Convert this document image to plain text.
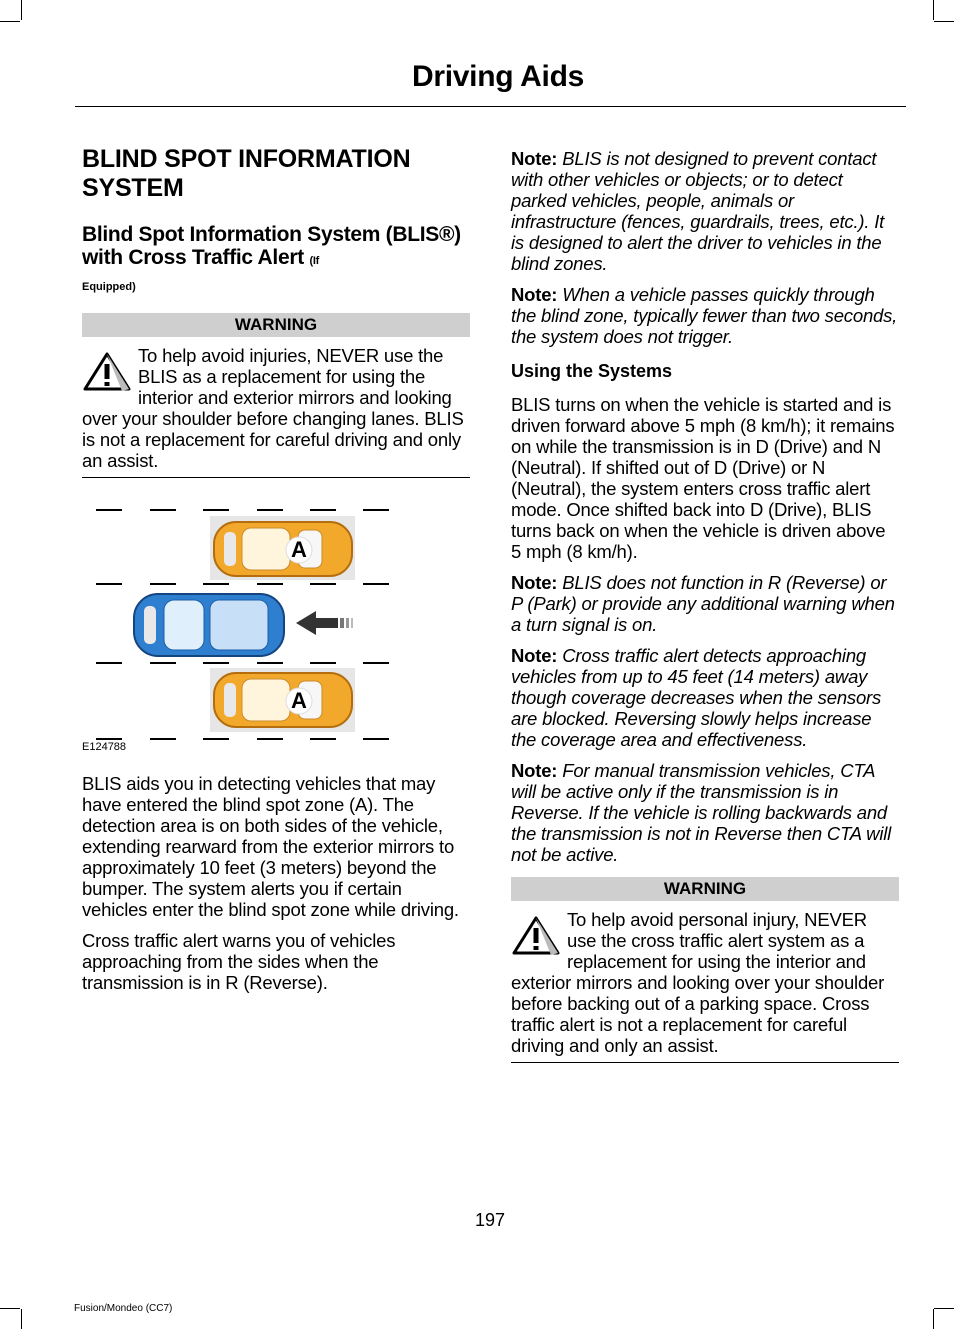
Driving Aids
BLIND SPOT INFORMATION SYSTEM
Blind Spot Information System (BLIS®) with Cross Traffic Alert (If
Equipped)
WARNING
To help avoid injuries, NEVER use the BLIS as a replacement for using the interior and exterior mirrors and looking over your shoulder before changing lanes. BLIS is not a replacement for careful driving and only an assist.
A
A
E124788

BLIS aids you in detecting vehicles that may have entered the blind spot zone (A). The detection area is on both sides of the vehicle, extending rearward from the exterior mirrors to approximately 10 feet (3 meters) beyond the bumper. The system alerts you if certain vehicles enter the blind spot zone while driving.

Cross traffic alert warns you of vehicles approaching from the sides when the transmission is in R (Reverse).

Note: BLIS is not designed to prevent contact with other vehicles or objects; or to detect parked vehicles, people, animals or infrastructure (fences, guardrails, trees, etc.). It is designed to alert the driver to vehicles in the blind zones.

Note: When a vehicle passes quickly through the blind zone, typically fewer than two seconds, the system does not trigger.

Using the Systems

BLIS turns on when the vehicle is started and is driven forward above 5 mph (8 km/h); it remains on while the transmission is in D (Drive) and N (Neutral). If shifted out of D (Drive) or N (Neutral), the system enters cross traffic alert mode. Once shifted back into D (Drive), BLIS turns back on when the vehicle is driven above 5 mph (8 km/h).

Note: BLIS does not function in R (Reverse) or P (Park) or provide any additional warning when a turn signal is on.

Note: Cross traffic alert detects approaching vehicles from up to 45 feet (14 meters) away though coverage decreases when the sensors are blocked. Reversing slowly helps increase the coverage area and effectiveness.

Note: For manual transmission vehicles, CTA will be active only if the transmission is in Reverse. If the vehicle is rolling backwards and the transmission is not in Reverse then CTA will not be active.

WARNING
To help avoid personal injury, NEVER use the cross traffic alert system as a replacement for using the interior and exterior mirrors and looking over your shoulder before backing out of a parking space. Cross traffic alert is not a replacement for careful driving and only an assist.
197
Fusion/Mondeo (CC7)
